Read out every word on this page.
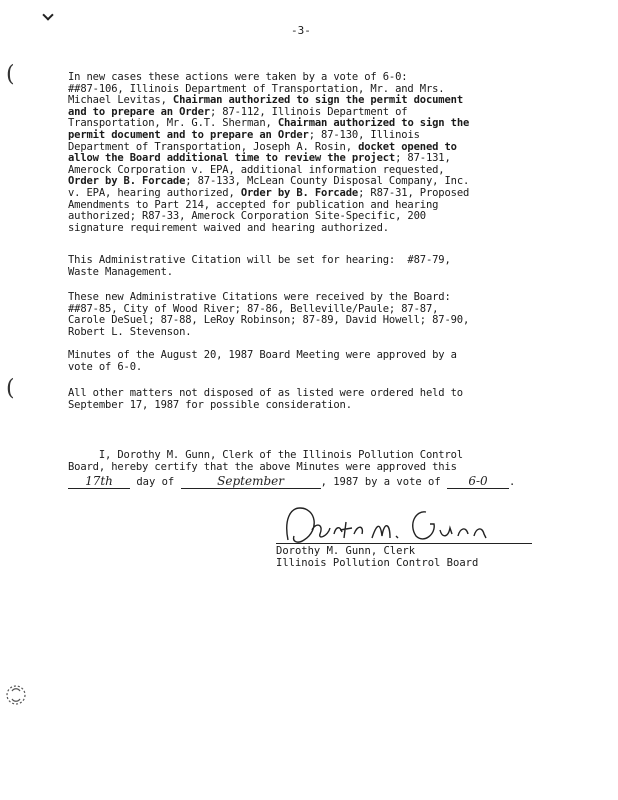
-3-
(
(
In new cases these actions were taken by a vote of 6-0:
##87-106, Illinois Department of Transportation, Mr. and Mrs.
Michael Levitas, Chairman authorized to sign the permit document
and to prepare an Order; 87-112, Illinois Department of
Transportation, Mr. G.T. Sherman, Chairman authorized to sign the
permit document and to prepare an Order; 87-130, Illinois
Department of Transportation, Joseph A. Rosin, docket opened to
allow the Board additional time to review the project; 87-131,
Amerock Corporation v. EPA, additional information requested,
Order by B. Forcade; 87-133, McLean County Disposal Company, Inc.
v. EPA, hearing authorized, Order by B. Forcade; R87-31, Proposed
Amendments to Part 214, accepted for publication and hearing
authorized; R87-33, Amerock Corporation Site-Specific, 200
signature requirement waived and hearing authorized.
This Administrative Citation will be set for hearing:  #87-79,
Waste Management.
These new Administrative Citations were received by the Board:
##87-85, City of Wood River; 87-86, Belleville/Paule; 87-87,
Carole DeSuel; 87-88, LeRoy Robinson; 87-89, David Howell; 87-90,
Robert L. Stevenson.
Minutes of the August 20, 1987 Board Meeting were approved by a
vote of 6-0.
All other matters not disposed of as listed were ordered held to
September 17, 1987 for possible consideration.
I, Dorothy M. Gunn, Clerk of the Illinois Pollution Control
Board, hereby certify that the above Minutes were approved this
17th day of	September	, 1987 by a vote of 6-0 .
Dorothy M. Gunn, Clerk
Illinois Pollution Control Board
